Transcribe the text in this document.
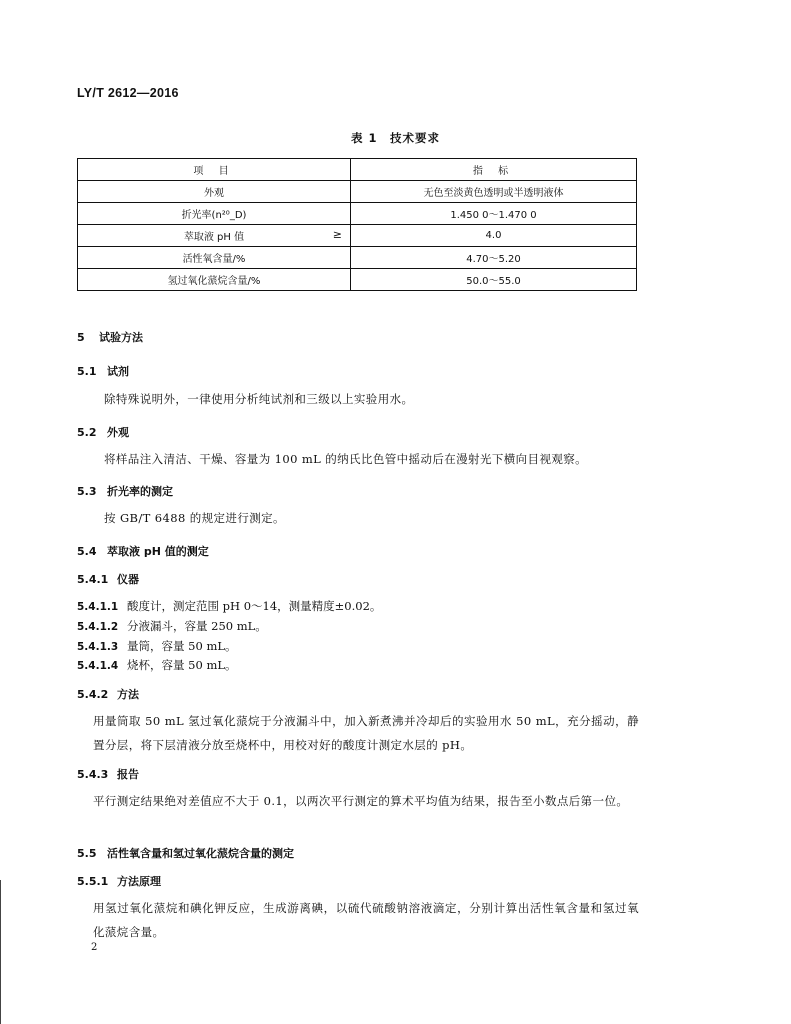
LY/T 2612—2016
表 1　技术要求
项 目	指 标
外观	无色至淡黄色透明或半透明液体
折光率(n²⁰_D)	1.450 0～1.470 0
萃取液 pH 值 ≥	4.0
活性氧含量/%	4.70～5.20
氢过氧化蒎烷含量/%	50.0～55.0
5 试验方法
5.1 试剂
除特殊说明外，一律使用分析纯试剂和三级以上实验用水。
5.2 外观
将样品注入清洁、干燥、容量为 100 mL 的纳氏比色管中摇动后在漫射光下横向目视观察。
5.3 折光率的测定
按 GB/T 6488 的规定进行测定。
5.4 萃取液 pH 值的测定
5.4.1 仪器
5.4.1.1 酸度计，测定范围 pH 0～14，测量精度±0.02。
5.4.1.2 分液漏斗，容量 250 mL。
5.4.1.3 量筒，容量 50 mL。
5.4.1.4 烧杯，容量 50 mL。
5.4.2 方法
用量筒取 50 mL 氢过氧化蒎烷于分液漏斗中，加入新煮沸并冷却后的实验用水 50 mL，充分摇动，静置分层，将下层清液分放至烧杯中，用校对好的酸度计测定水层的 pH。
5.4.3 报告
平行测定结果绝对差值应不大于 0.1，以两次平行测定的算术平均值为结果，报告至小数点后第一位。
5.5 活性氧含量和氢过氧化蒎烷含量的测定
5.5.1 方法原理
用氢过氧化蒎烷和碘化钾反应，生成游离碘，以硫代硫酸钠溶液滴定，分别计算出活性氧含量和氢过氧化蒎烷含量。
2
